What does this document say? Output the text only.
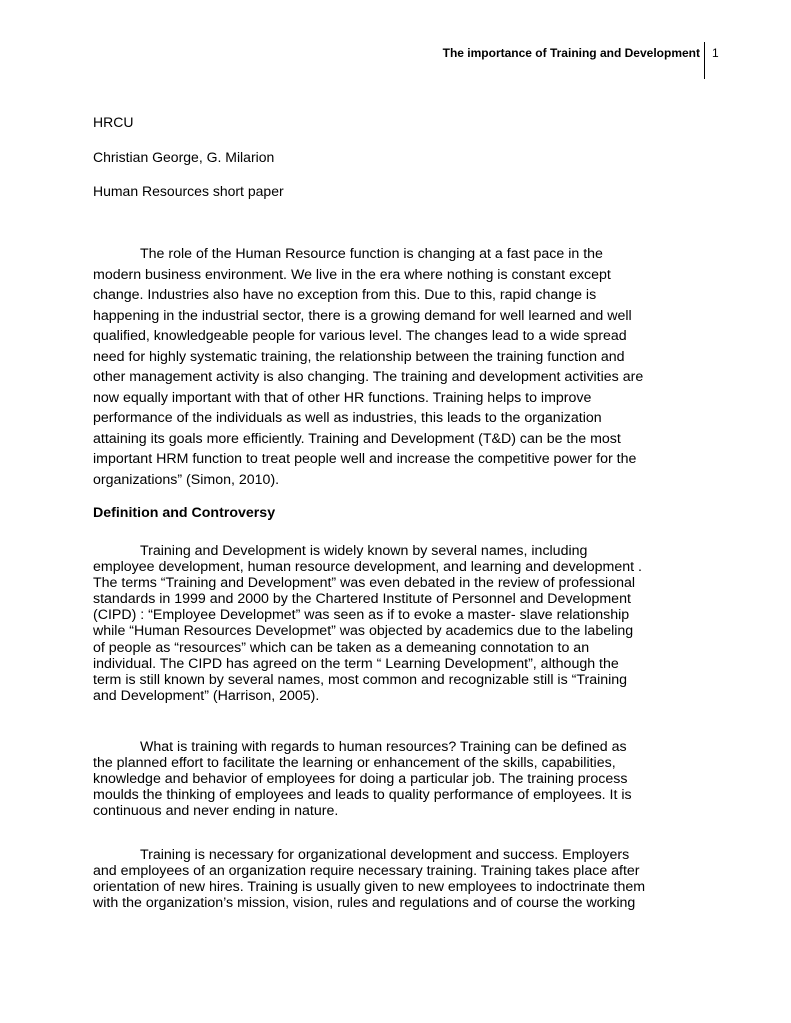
The importance of Training and Development 1
HRCU
Christian George, G. Milarion
Human Resources short paper
The role of the Human Resource function is changing at a fast pace in the
modern business environment. We live in the era where nothing is constant except
change. Industries also have no exception from this. Due to this, rapid change is
happening in the industrial sector, there is a growing demand for well learned and well
qualified, knowledgeable people for various level. The changes lead to a wide spread
need for highly systematic training, the relationship between the training function and
other management activity is also changing. The training and development activities are
now equally important with that of other HR functions. Training helps to improve
performance of the individuals as well as industries, this leads to the organization
attaining its goals more efficiently. Training and Development (T&D) can be the most
important HRM function to treat people well and increase the competitive power for the
organizations” (Simon, 2010).
Definition and Controversy
Training and Development is widely known by several names, including
employee development, human resource development, and learning and development .
The terms “Training and Development” was even debated in the review of professional
standards in 1999 and 2000 by the Chartered Institute of Personnel and Development
(CIPD) : “Employee Developmet” was seen as if to evoke a master- slave relationship
while “Human Resources Developmet” was objected by academics due to the labeling
of people as “resources” which can be taken as a demeaning connotation to an
individual. The CIPD has agreed on the term “ Learning Development”, although the
term is still known by several names, most common and recognizable still is “Training
and Development” (Harrison, 2005).
What is training with regards to human resources? Training can be defined as
the planned effort to facilitate the learning or enhancement of the skills, capabilities,
knowledge and behavior of employees for doing a particular job. The training process
moulds the thinking of employees and leads to quality performance of employees. It is
continuous and never ending in nature.
Training is necessary for organizational development and success. Employers
and employees of an organization require necessary training. Training takes place after
orientation of new hires. Training is usually given to new employees to indoctrinate them
with the organization’s mission, vision, rules and regulations and of course the working
